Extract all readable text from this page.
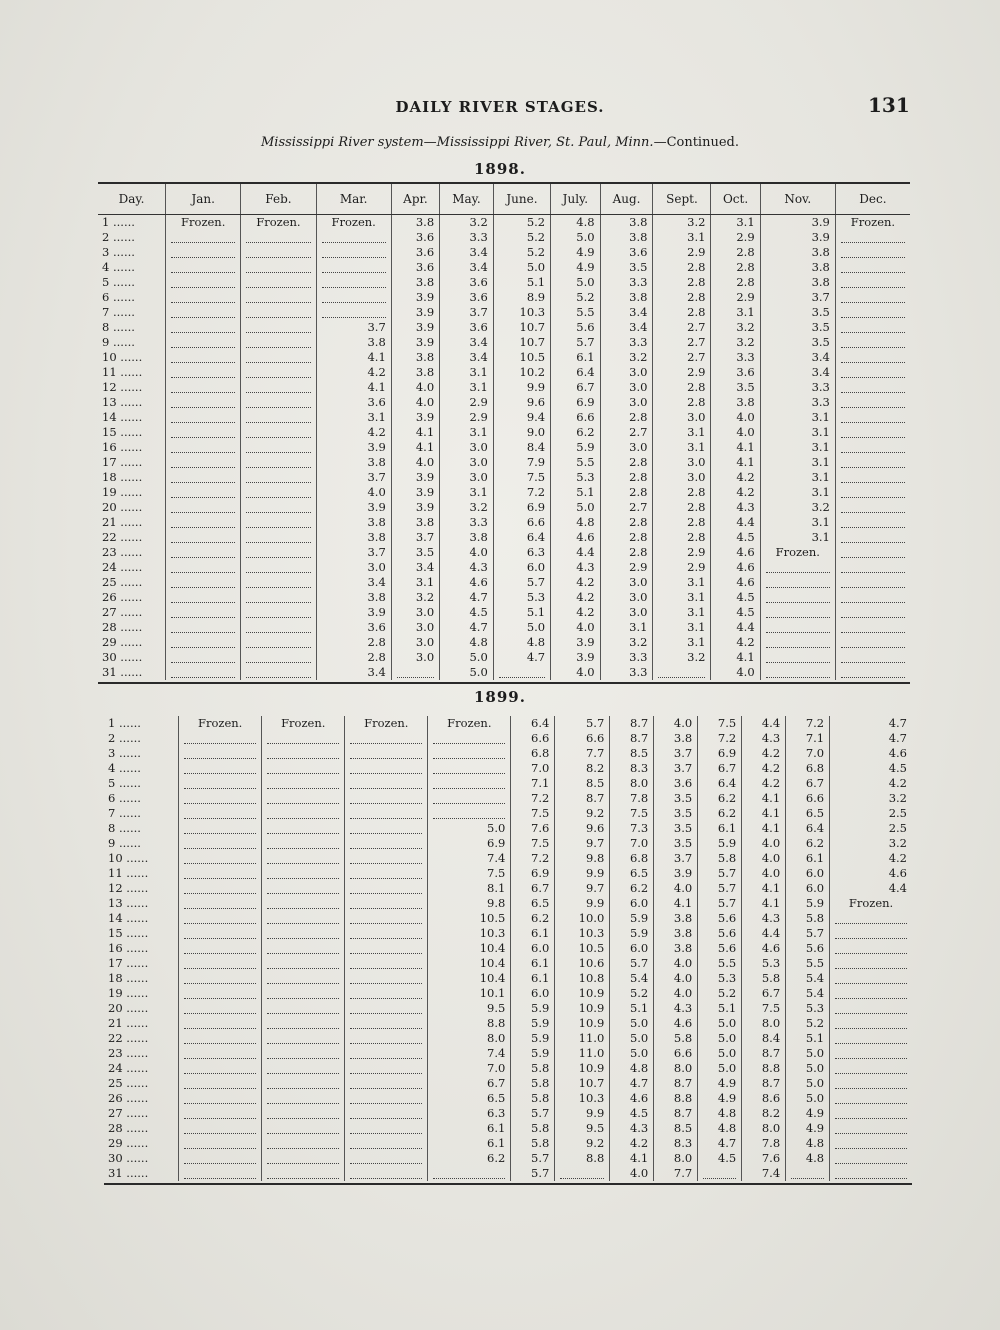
DAILY RIVER STAGES.	131
Mississippi River system—Mississippi River, St. Paul, Minn.—Continued.
1898.
Day.	Jan.	Feb.	Mar.	Apr.	May.	June.	July.	Aug.	Sept.	Oct.	Nov.	Dec.
1 ......	Frozen.	Frozen.	Frozen.	3.8	3.2	5.2	4.8	3.8	3.2	3.1	3.9	Frozen.
2 ......				3.6	3.3	5.2	5.0	3.8	3.1	2.9	3.9	
3 ......				3.6	3.4	5.2	4.9	3.6	2.9	2.8	3.8	
4 ......				3.6	3.4	5.0	4.9	3.5	2.8	2.8	3.8	
5 ......				3.8	3.6	5.1	5.0	3.3	2.8	2.8	3.8	
6 ......				3.9	3.6	8.9	5.2	3.8	2.8	2.9	3.7	
7 ......				3.9	3.7	10.3	5.5	3.4	2.8	3.1	3.5	
8 ......			3.7	3.9	3.6	10.7	5.6	3.4	2.7	3.2	3.5	
9 ......			3.8	3.9	3.4	10.7	5.7	3.3	2.7	3.2	3.5	
10 ......			4.1	3.8	3.4	10.5	6.1	3.2	2.7	3.3	3.4	
11 ......			4.2	3.8	3.1	10.2	6.4	3.0	2.9	3.6	3.4	
12 ......			4.1	4.0	3.1	9.9	6.7	3.0	2.8	3.5	3.3	
13 ......			3.6	4.0	2.9	9.6	6.9	3.0	2.8	3.8	3.3	
14 ......			3.1	3.9	2.9	9.4	6.6	2.8	3.0	4.0	3.1	
15 ......			4.2	4.1	3.1	9.0	6.2	2.7	3.1	4.0	3.1	
16 ......			3.9	4.1	3.0	8.4	5.9	3.0	3.1	4.1	3.1	
17 ......			3.8	4.0	3.0	7.9	5.5	2.8	3.0	4.1	3.1	
18 ......			3.7	3.9	3.0	7.5	5.3	2.8	3.0	4.2	3.1	
19 ......			4.0	3.9	3.1	7.2	5.1	2.8	2.8	4.2	3.1	
20 ......			3.9	3.9	3.2	6.9	5.0	2.7	2.8	4.3	3.2	
21 ......			3.8	3.8	3.3	6.6	4.8	2.8	2.8	4.4	3.1	
22 ......			3.8	3.7	3.8	6.4	4.6	2.8	2.8	4.5	3.1	
23 ......			3.7	3.5	4.0	6.3	4.4	2.8	2.9	4.6	Frozen.	
24 ......			3.0	3.4	4.3	6.0	4.3	2.9	2.9	4.6		
25 ......			3.4	3.1	4.6	5.7	4.2	3.0	3.1	4.6		
26 ......			3.8	3.2	4.7	5.3	4.2	3.0	3.1	4.5		
27 ......			3.9	3.0	4.5	5.1	4.2	3.0	3.1	4.5		
28 ......			3.6	3.0	4.7	5.0	4.0	3.1	3.1	4.4		
29 ......			2.8	3.0	4.8	4.8	3.9	3.2	3.1	4.2		
30 ......			2.8	3.0	5.0	4.7	3.9	3.3	3.2	4.1		
31 ......			3.4		5.0		4.0	3.3		4.0		
1899.
1 ......	Frozen.	Frozen.	Frozen.	Frozen.	6.4	5.7	8.7	4.0	7.5	4.4	7.2	4.7
2 ......					6.6	6.6	8.7	3.8	7.2	4.3	7.1	4.7
3 ......					6.8	7.7	8.5	3.7	6.9	4.2	7.0	4.6
4 ......					7.0	8.2	8.3	3.7	6.7	4.2	6.8	4.5
5 ......					7.1	8.5	8.0	3.6	6.4	4.2	6.7	4.2
6 ......					7.2	8.7	7.8	3.5	6.2	4.1	6.6	3.2
7 ......					7.5	9.2	7.5	3.5	6.2	4.1	6.5	2.5
8 ......				5.0	7.6	9.6	7.3	3.5	6.1	4.1	6.4	2.5
9 ......				6.9	7.5	9.7	7.0	3.5	5.9	4.0	6.2	3.2
10 ......				7.4	7.2	9.8	6.8	3.7	5.8	4.0	6.1	4.2
11 ......				7.5	6.9	9.9	6.5	3.9	5.7	4.0	6.0	4.6
12 ......				8.1	6.7	9.7	6.2	4.0	5.7	4.1	6.0	4.4
13 ......				9.8	6.5	9.9	6.0	4.1	5.7	4.1	5.9	Frozen.
14 ......				10.5	6.2	10.0	5.9	3.8	5.6	4.3	5.8	
15 ......				10.3	6.1	10.3	5.9	3.8	5.6	4.4	5.7	
16 ......				10.4	6.0	10.5	6.0	3.8	5.6	4.6	5.6	
17 ......				10.4	6.1	10.6	5.7	4.0	5.5	5.3	5.5	
18 ......				10.4	6.1	10.8	5.4	4.0	5.3	5.8	5.4	
19 ......				10.1	6.0	10.9	5.2	4.0	5.2	6.7	5.4	
20 ......				9.5	5.9	10.9	5.1	4.3	5.1	7.5	5.3	
21 ......				8.8	5.9	10.9	5.0	4.6	5.0	8.0	5.2	
22 ......				8.0	5.9	11.0	5.0	5.8	5.0	8.4	5.1	
23 ......				7.4	5.9	11.0	5.0	6.6	5.0	8.7	5.0	
24 ......				7.0	5.8	10.9	4.8	8.0	5.0	8.8	5.0	
25 ......				6.7	5.8	10.7	4.7	8.7	4.9	8.7	5.0	
26 ......				6.5	5.8	10.3	4.6	8.8	4.9	8.6	5.0	
27 ......				6.3	5.7	9.9	4.5	8.7	4.8	8.2	4.9	
28 ......				6.1	5.8	9.5	4.3	8.5	4.8	8.0	4.9	
29 ......				6.1	5.8	9.2	4.2	8.3	4.7	7.8	4.8	
30 ......				6.2	5.7	8.8	4.1	8.0	4.5	7.6	4.8	
31 ......					5.7		4.0	7.7		7.4		
